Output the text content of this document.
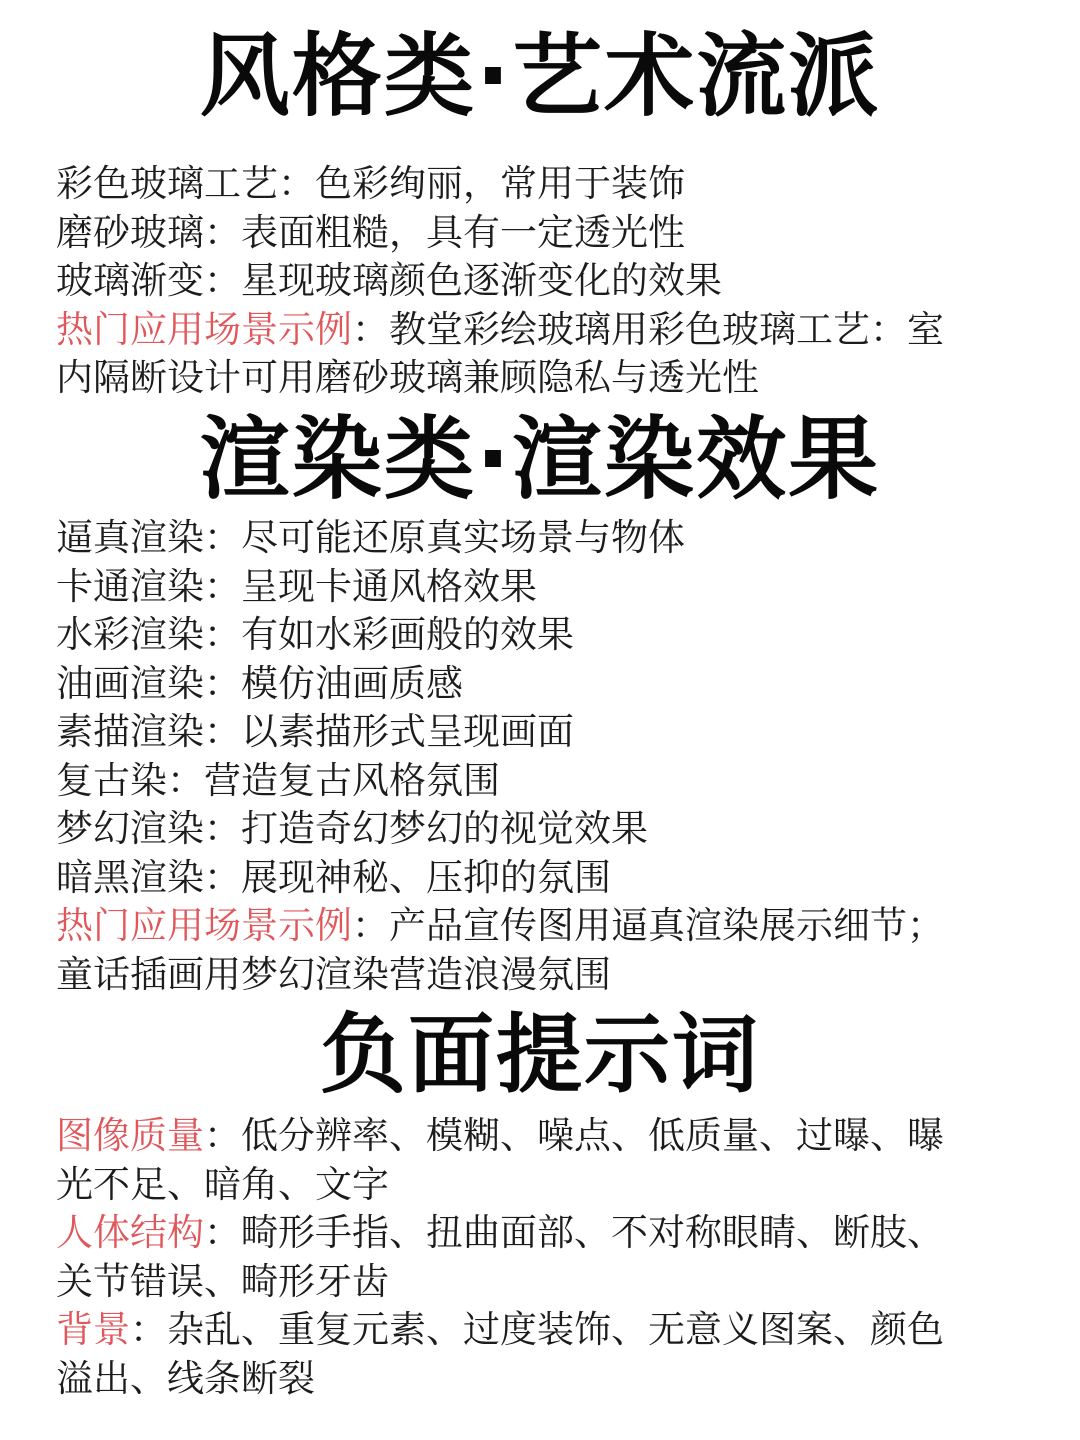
风格类·艺术流派
彩色玻璃工艺：色彩绚丽，常用于装饰
磨砂玻璃：表面粗糙，具有一定透光性
玻璃渐变：星现玻璃颜色逐渐变化的效果
热门应用场景示例：教堂彩绘玻璃用彩色玻璃工艺：室
内隔断设计可用磨砂玻璃兼顾隐私与透光性
渲染类·渲染效果
逼真渲染：尽可能还原真实场景与物体
卡通渲染：呈现卡通风格效果
水彩渲染：有如水彩画般的效果
油画渲染：模仿油画质感
素描渲染：以素描形式呈现画面
复古染：营造复古风格氛围
梦幻渲染：打造奇幻梦幻的视觉效果
暗黑渲染：展现神秘、压抑的氛围
热门应用场景示例：产品宣传图用逼真渲染展示细节；
童话插画用梦幻渲染营造浪漫氛围
负面提示词
图像质量：低分辨率、模糊、噪点、低质量、过曝、曝
光不足、暗角、文字
人体结构：畸形手指、扭曲面部、不对称眼睛、断肢、
关节错误、畸形牙齿
背景：杂乱、重复元素、过度装饰、无意义图案、颜色
溢出、线条断裂
